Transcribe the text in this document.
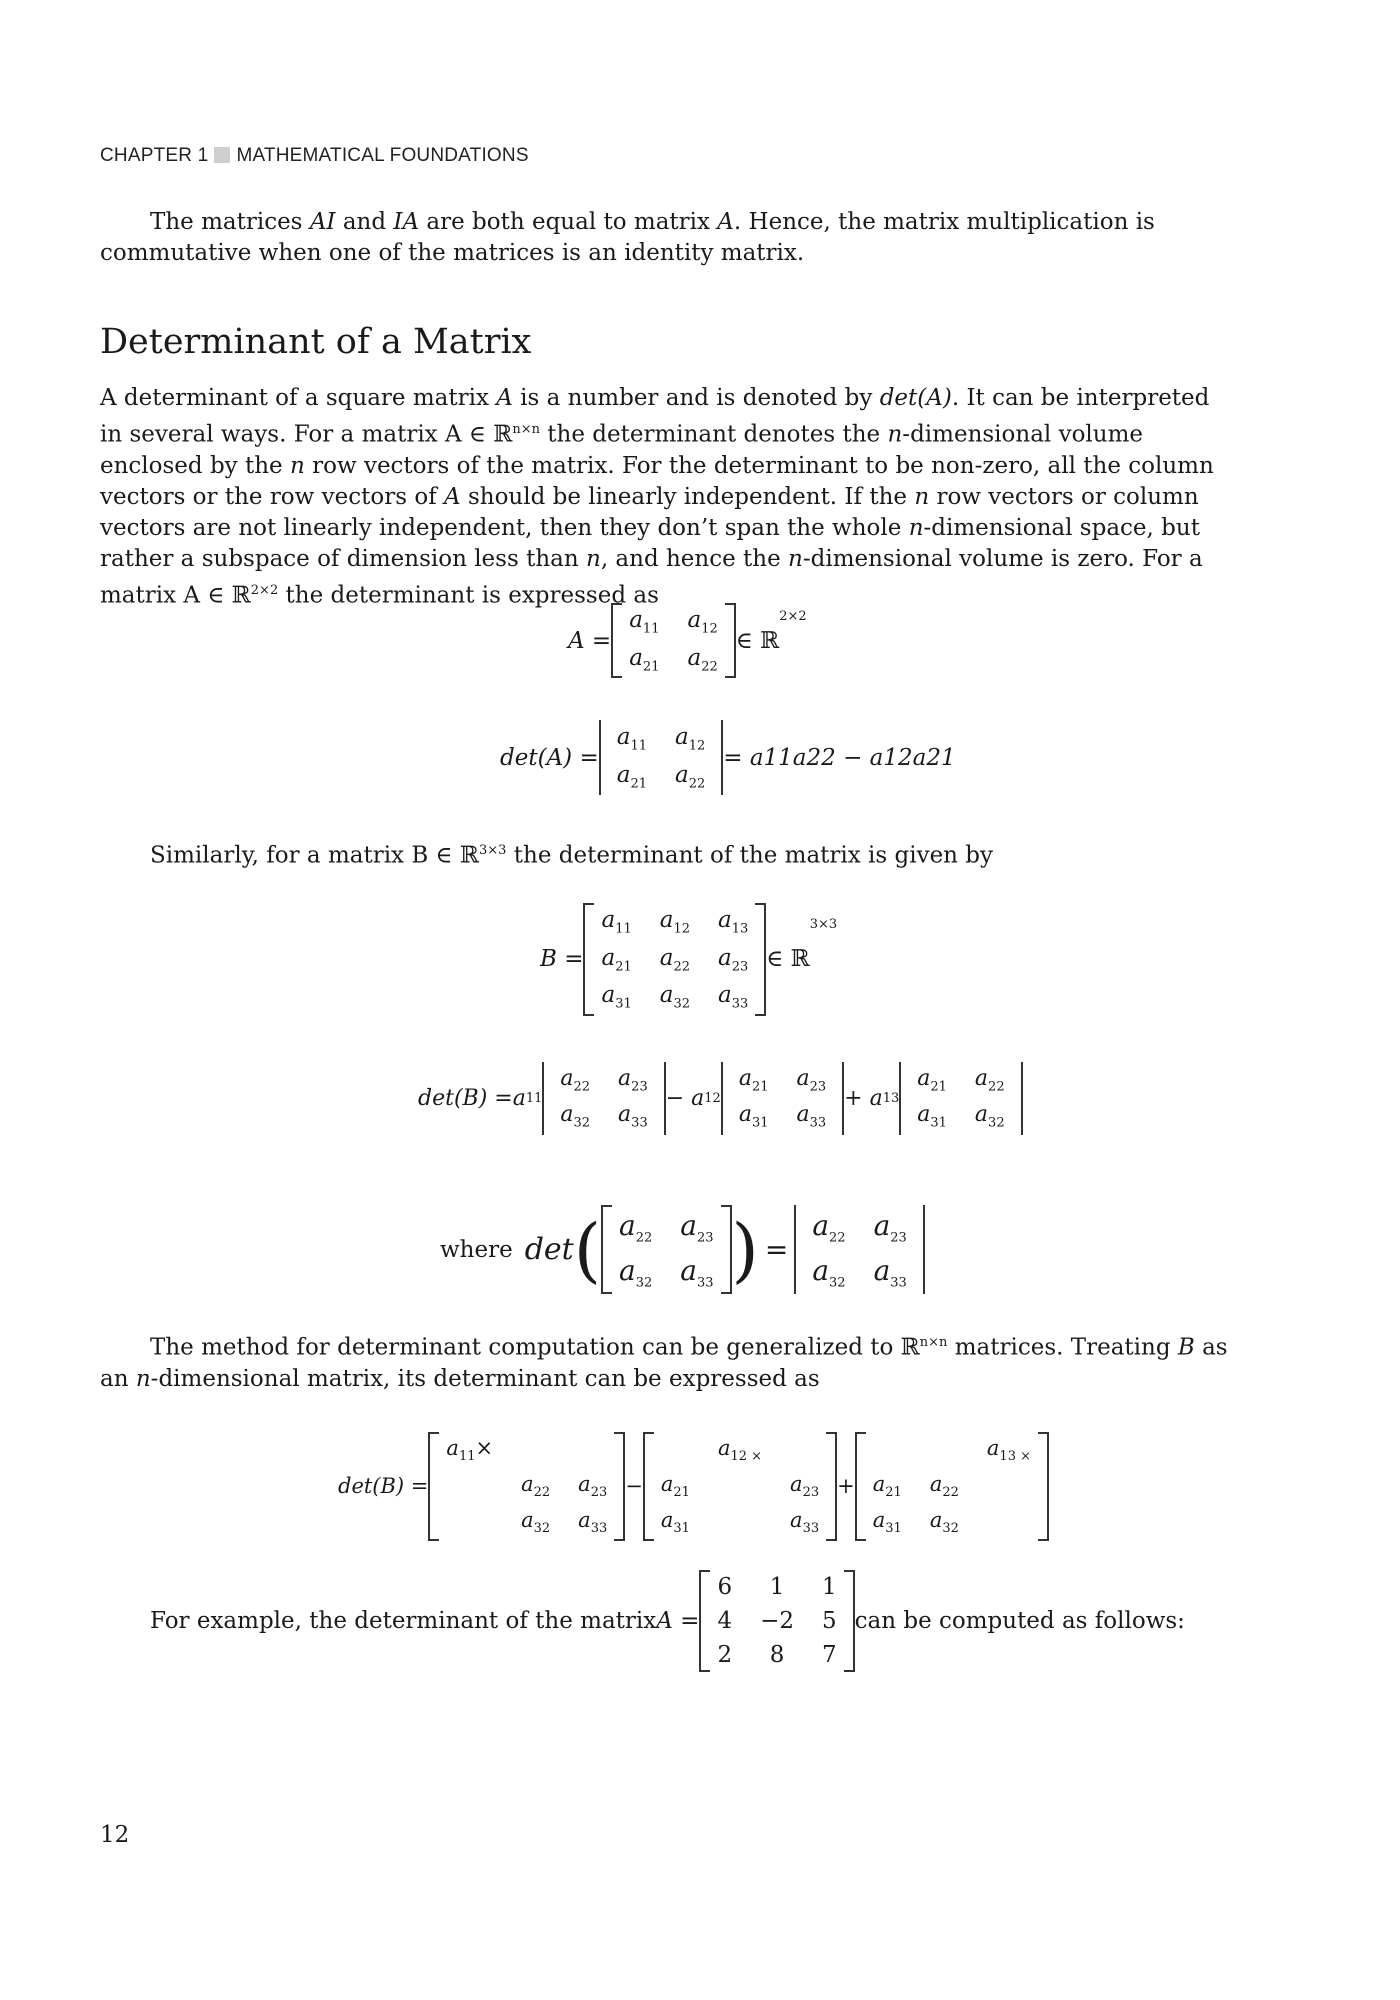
CHAPTER 1 MATHEMATICAL FOUNDATIONS

The matrices AI and IA are both equal to matrix A. Hence, the matrix multiplication is commutative when one of the matrices is an identity matrix.

Determinant of a Matrix

A determinant of a square matrix A is a number and is denoted by det(A). It can be interpreted in several ways. For a matrix A ∈ ℝ$^{n\times n}$ the determinant denotes the n-dimensional volume enclosed by the n row vectors of the matrix. For the determinant to be non-zero, all the column vectors or the row vectors of A should be linearly independent. If the n row vectors or column vectors are not linearly independent, then they don’t span the whole n-dimensional space, but rather a subspace of dimension less than n, and hence the n-dimensional volume is zero. For a matrix A ∈ ℝ$^{2\times 2}$ the determinant is expressed as

A =
$a_{11}$	$a_{12}$
$a_{21}$	$a_{22}$
∈ ℝ
2×2
det(A) =
$a_{11}$	$a_{12}$
$a_{21}$	$a_{22}$
= a11a22 − a12a21

Similarly, for a matrix B ∈ ℝ$^{3\times 3}$ the determinant of the matrix is given by

B =
$a_{11}$	$a_{12}$	$a_{13}$
$a_{21}$	$a_{22}$	$a_{23}$
$a_{31}$	$a_{32}$	$a_{33}$
∈ ℝ
3×3
det(B) = a 11
$a_{22}$	$a_{23}$
$a_{32}$	$a_{33}$
− a 12
$a_{21}$	$a_{23}$
$a_{31}$	$a_{33}$
+ a 13
$a_{21}$	$a_{22}$
$a_{31}$	$a_{32}$
where det ( $a_{22}$	$a_{23}$
$a_{32}$	$a_{33}$ ) =
$a_{22}$	$a_{23}$
$a_{32}$	$a_{33}$

The method for determinant computation can be generalized to ℝ$^{n\times n}$ matrices. Treating B as an n-dimensional matrix, its determinant can be expressed as

det(B) =
$a_{11}\times$		
	$a_{22}$	$a_{23}$
	$a_{32}$	$a_{33}$
−
	$a_{12 \times}$	
$a_{21}$		$a_{23}$
$a_{31}$		$a_{33}$
+
		$a_{13 \times}$
$a_{21}$	$a_{22}$	
$a_{31}$	$a_{32}$	
For example, the determinant of the matrix A =
6	1	1
4	−2	5
2	8	7
can be computed as follows:
12
